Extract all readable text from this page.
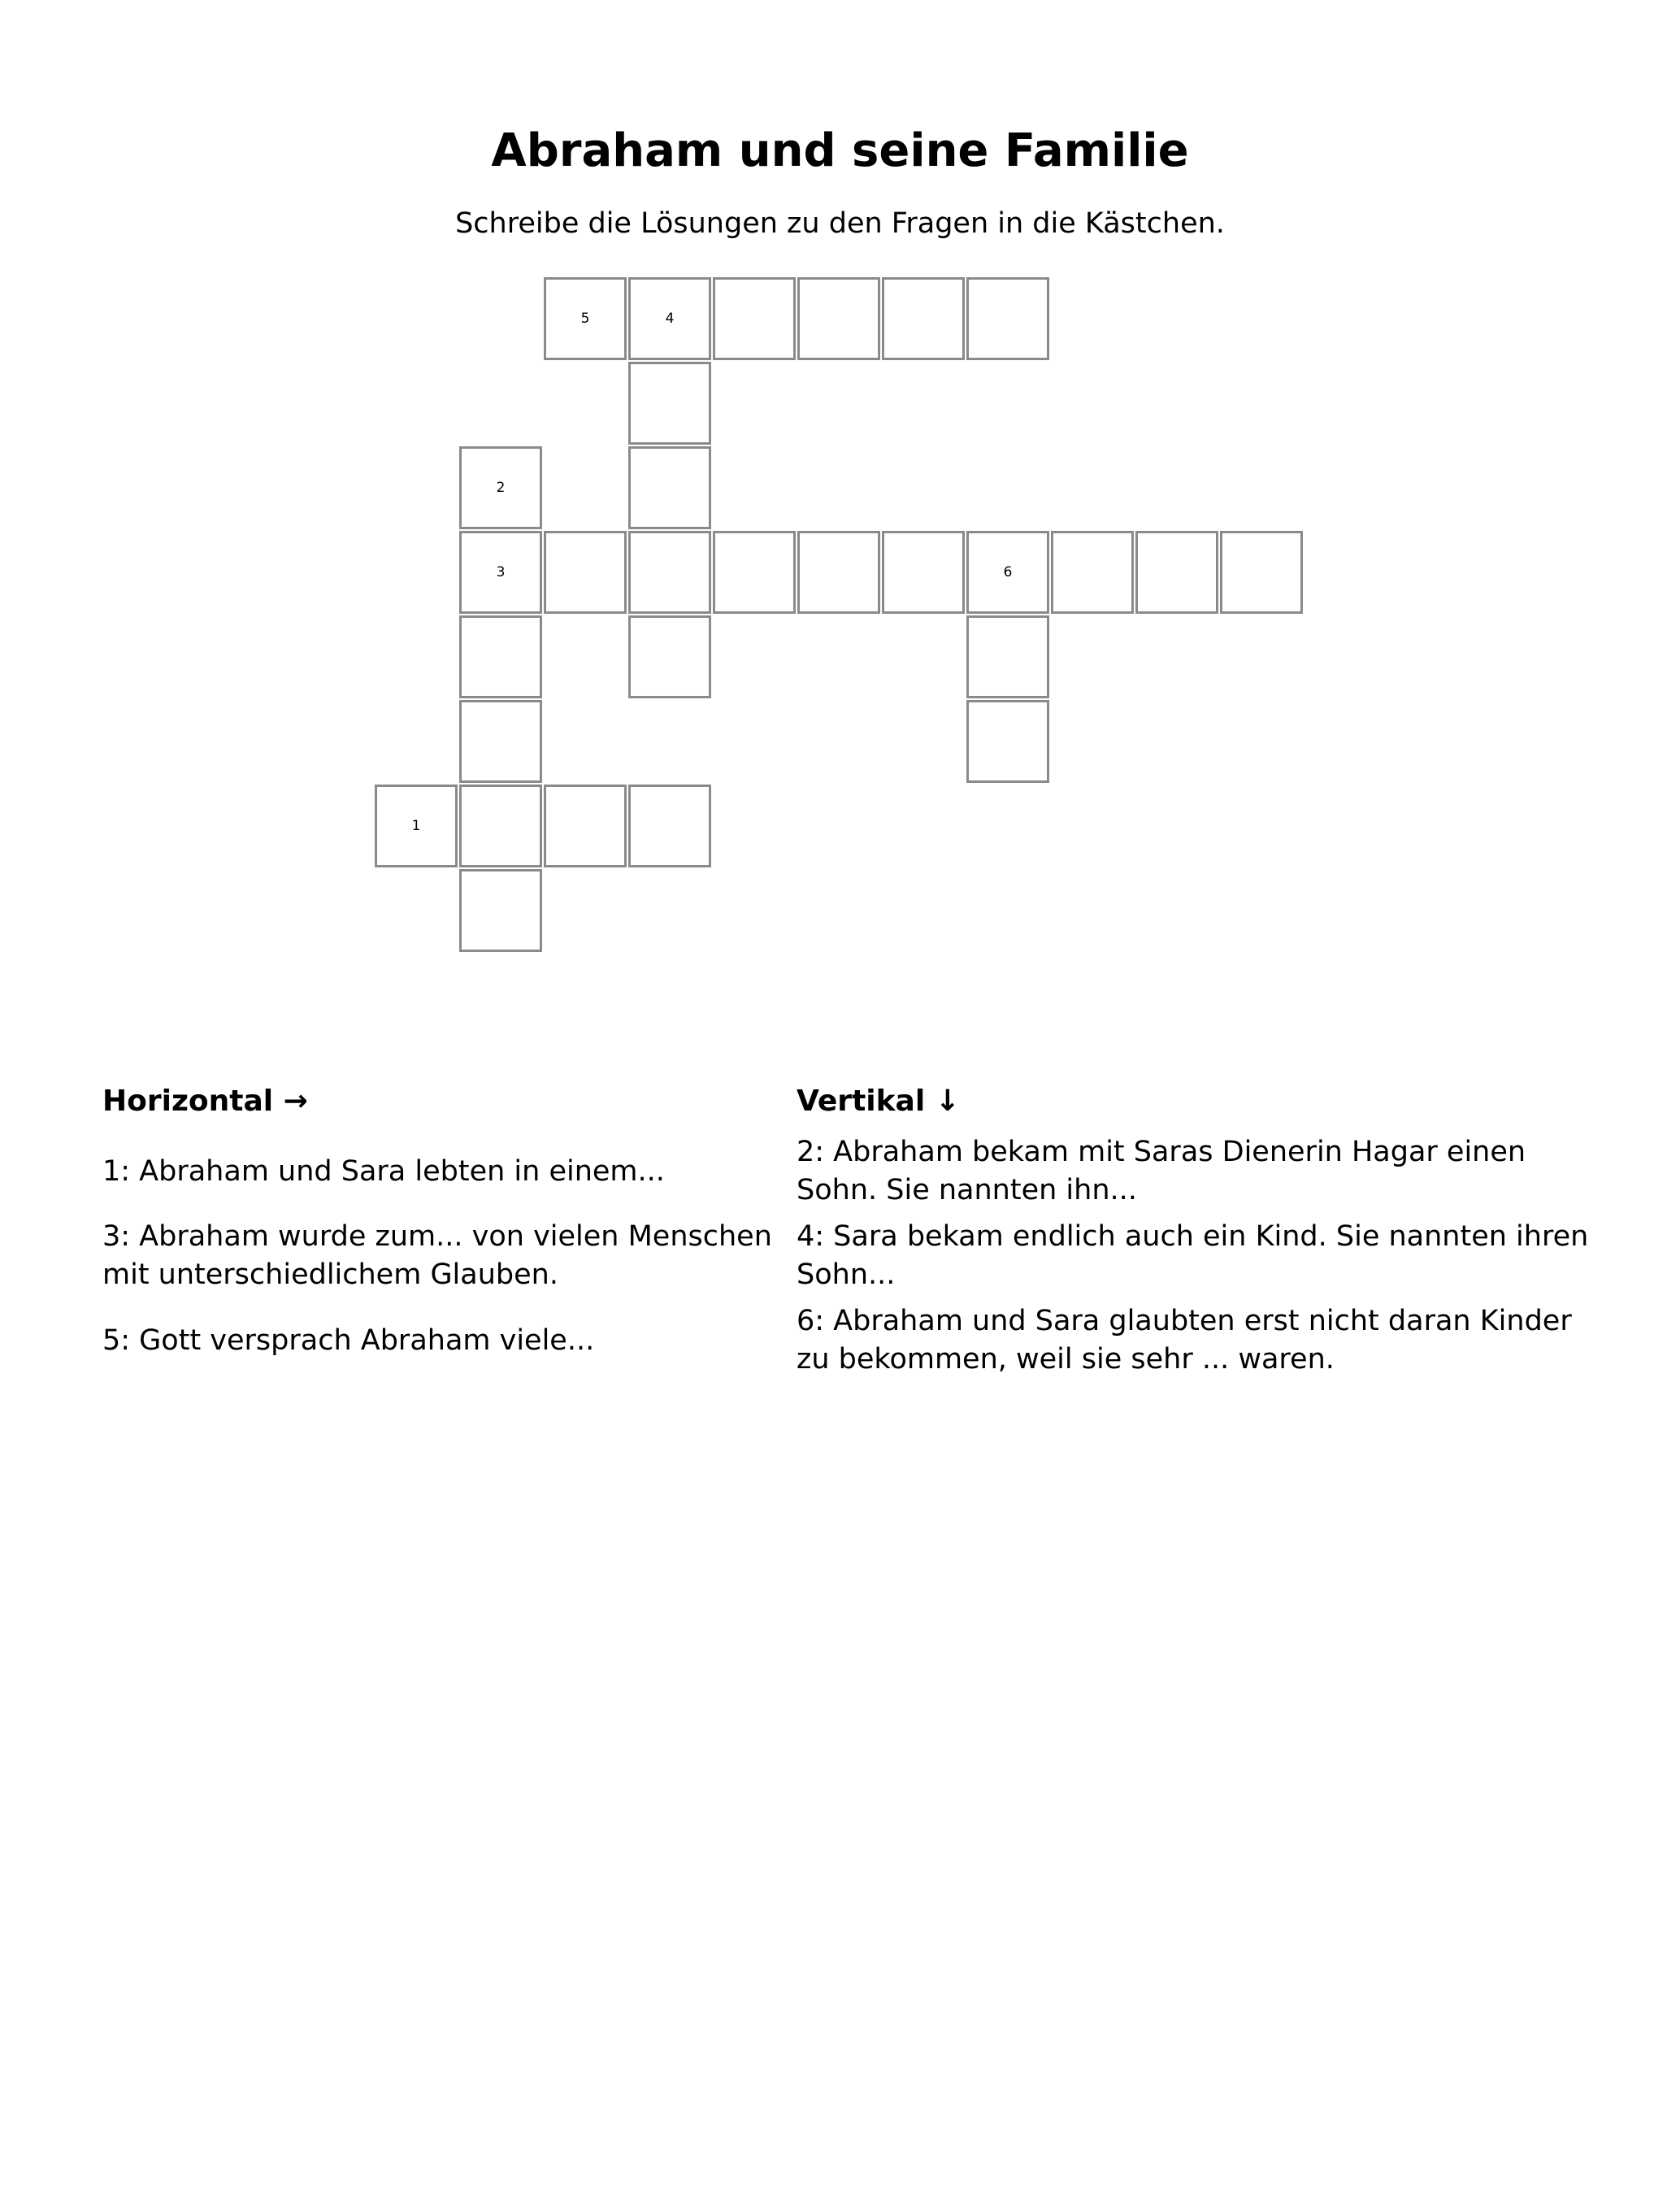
Abraham und seine Familie

Schreibe die Lösungen zu den Fragen in die Kästchen.

5	4
2
3	6
1
Horizontal →

1: Abraham und Sara lebten in einem...

3: Abraham wurde zum... von vielen Menschen mit unterschiedlichem Glauben.

5: Gott versprach Abraham viele...

Vertikal ↓

2: Abraham bekam mit Saras Dienerin Hagar einen Sohn. Sie nannten ihn...

4: Sara bekam endlich auch ein Kind. Sie nannten ihren Sohn...

6: Abraham und Sara glaubten erst nicht daran Kinder zu bekommen, weil sie sehr ... waren.
